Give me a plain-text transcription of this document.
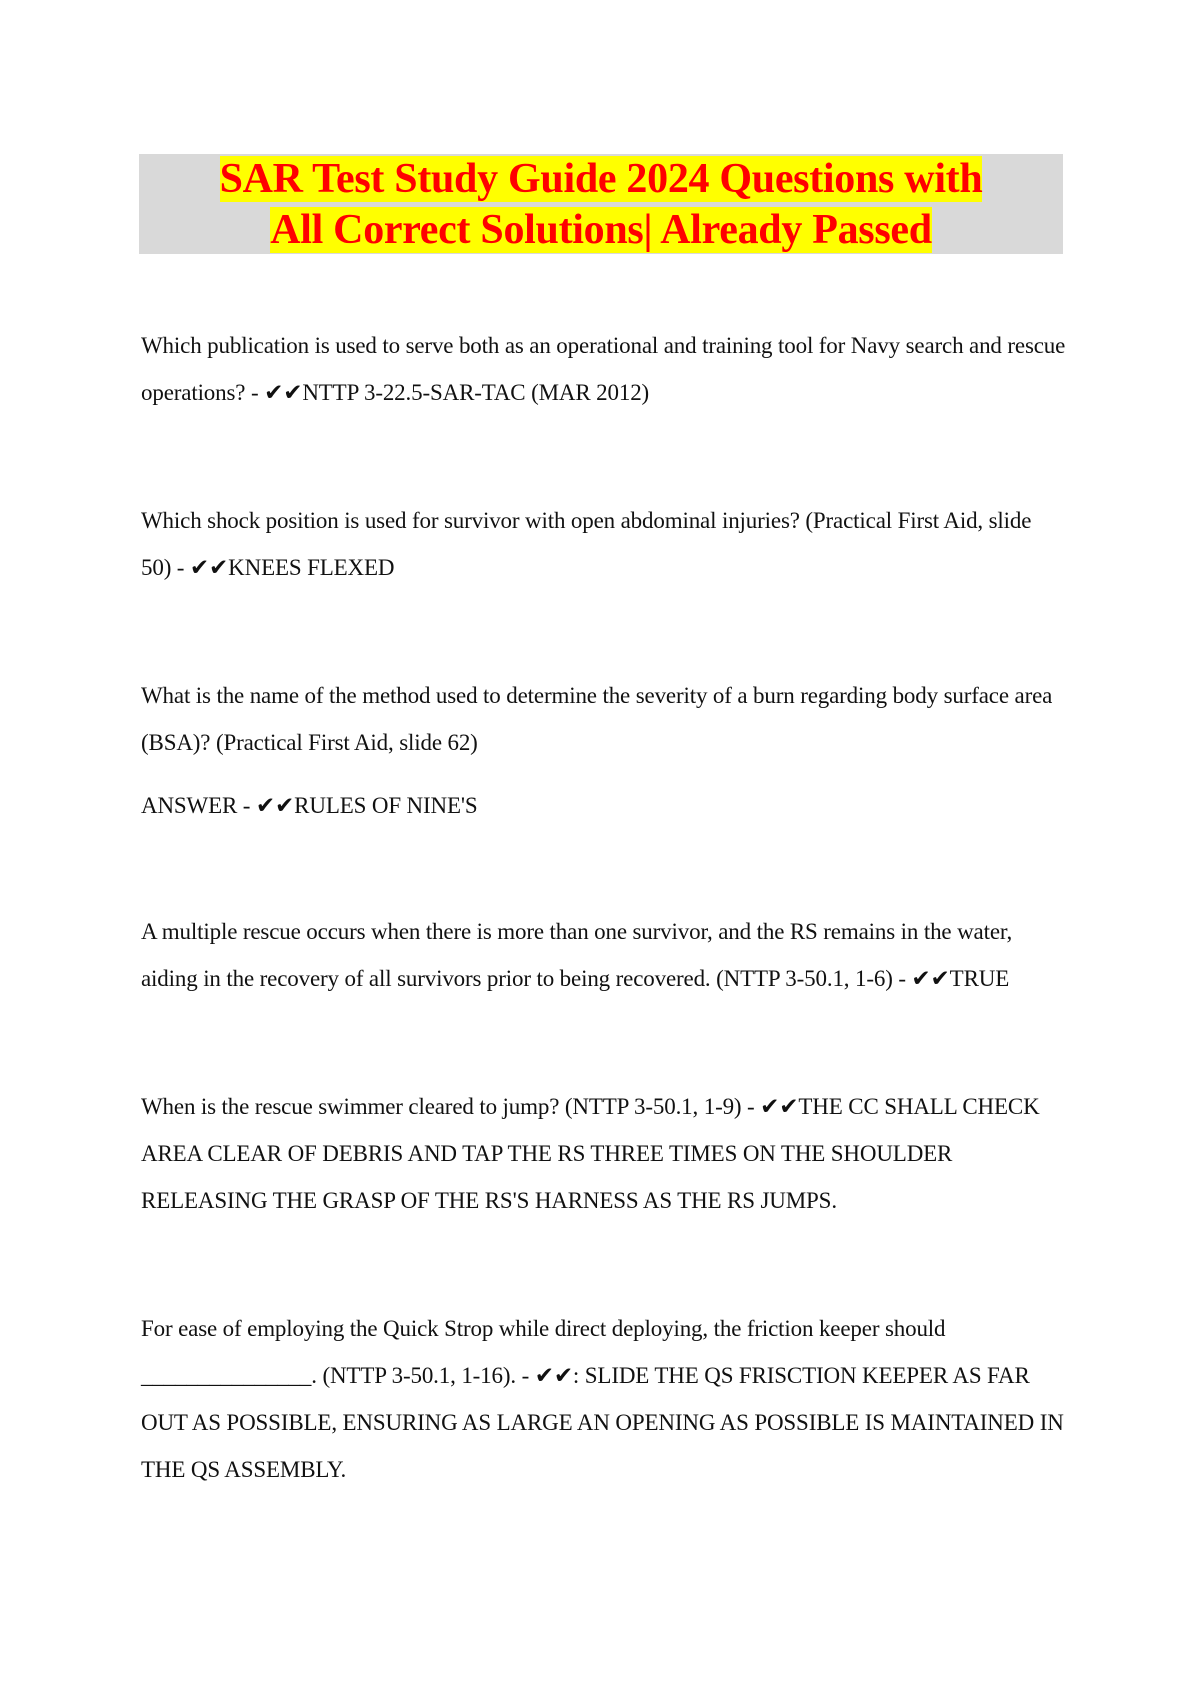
SAR Test Study Guide 2024 Questions with All Correct Solutions| Already Passed

Which publication is used to serve both as an operational and training tool for Navy search and rescue operations? - ✔✔NTTP 3-22.5-SAR-TAC (MAR 2012)

Which shock position is used for survivor with open abdominal injuries? (Practical First Aid, slide 50) - ✔✔KNEES FLEXED

What is the name of the method used to determine the severity of a burn regarding body surface area (BSA)? (Practical First Aid, slide 62)

ANSWER - ✔✔RULES OF NINE'S

A multiple rescue occurs when there is more than one survivor, and the RS remains in the water, aiding in the recovery of all survivors prior to being recovered. (NTTP 3-50.1, 1-6) - ✔✔TRUE

When is the rescue swimmer cleared to jump? (NTTP 3-50.1, 1-9) - ✔✔THE CC SHALL CHECK AREA CLEAR OF DEBRIS AND TAP THE RS THREE TIMES ON THE SHOULDER RELEASING THE GRASP OF THE RS'S HARNESS AS THE RS JUMPS.

For ease of employing the Quick Strop while direct deploying, the friction keeper should _______________. (NTTP 3-50.1, 1-16). - ✔✔: SLIDE THE QS FRISCTION KEEPER AS FAR OUT AS POSSIBLE, ENSURING AS LARGE AN OPENING AS POSSIBLE IS MAINTAINED IN THE QS ASSEMBLY.
